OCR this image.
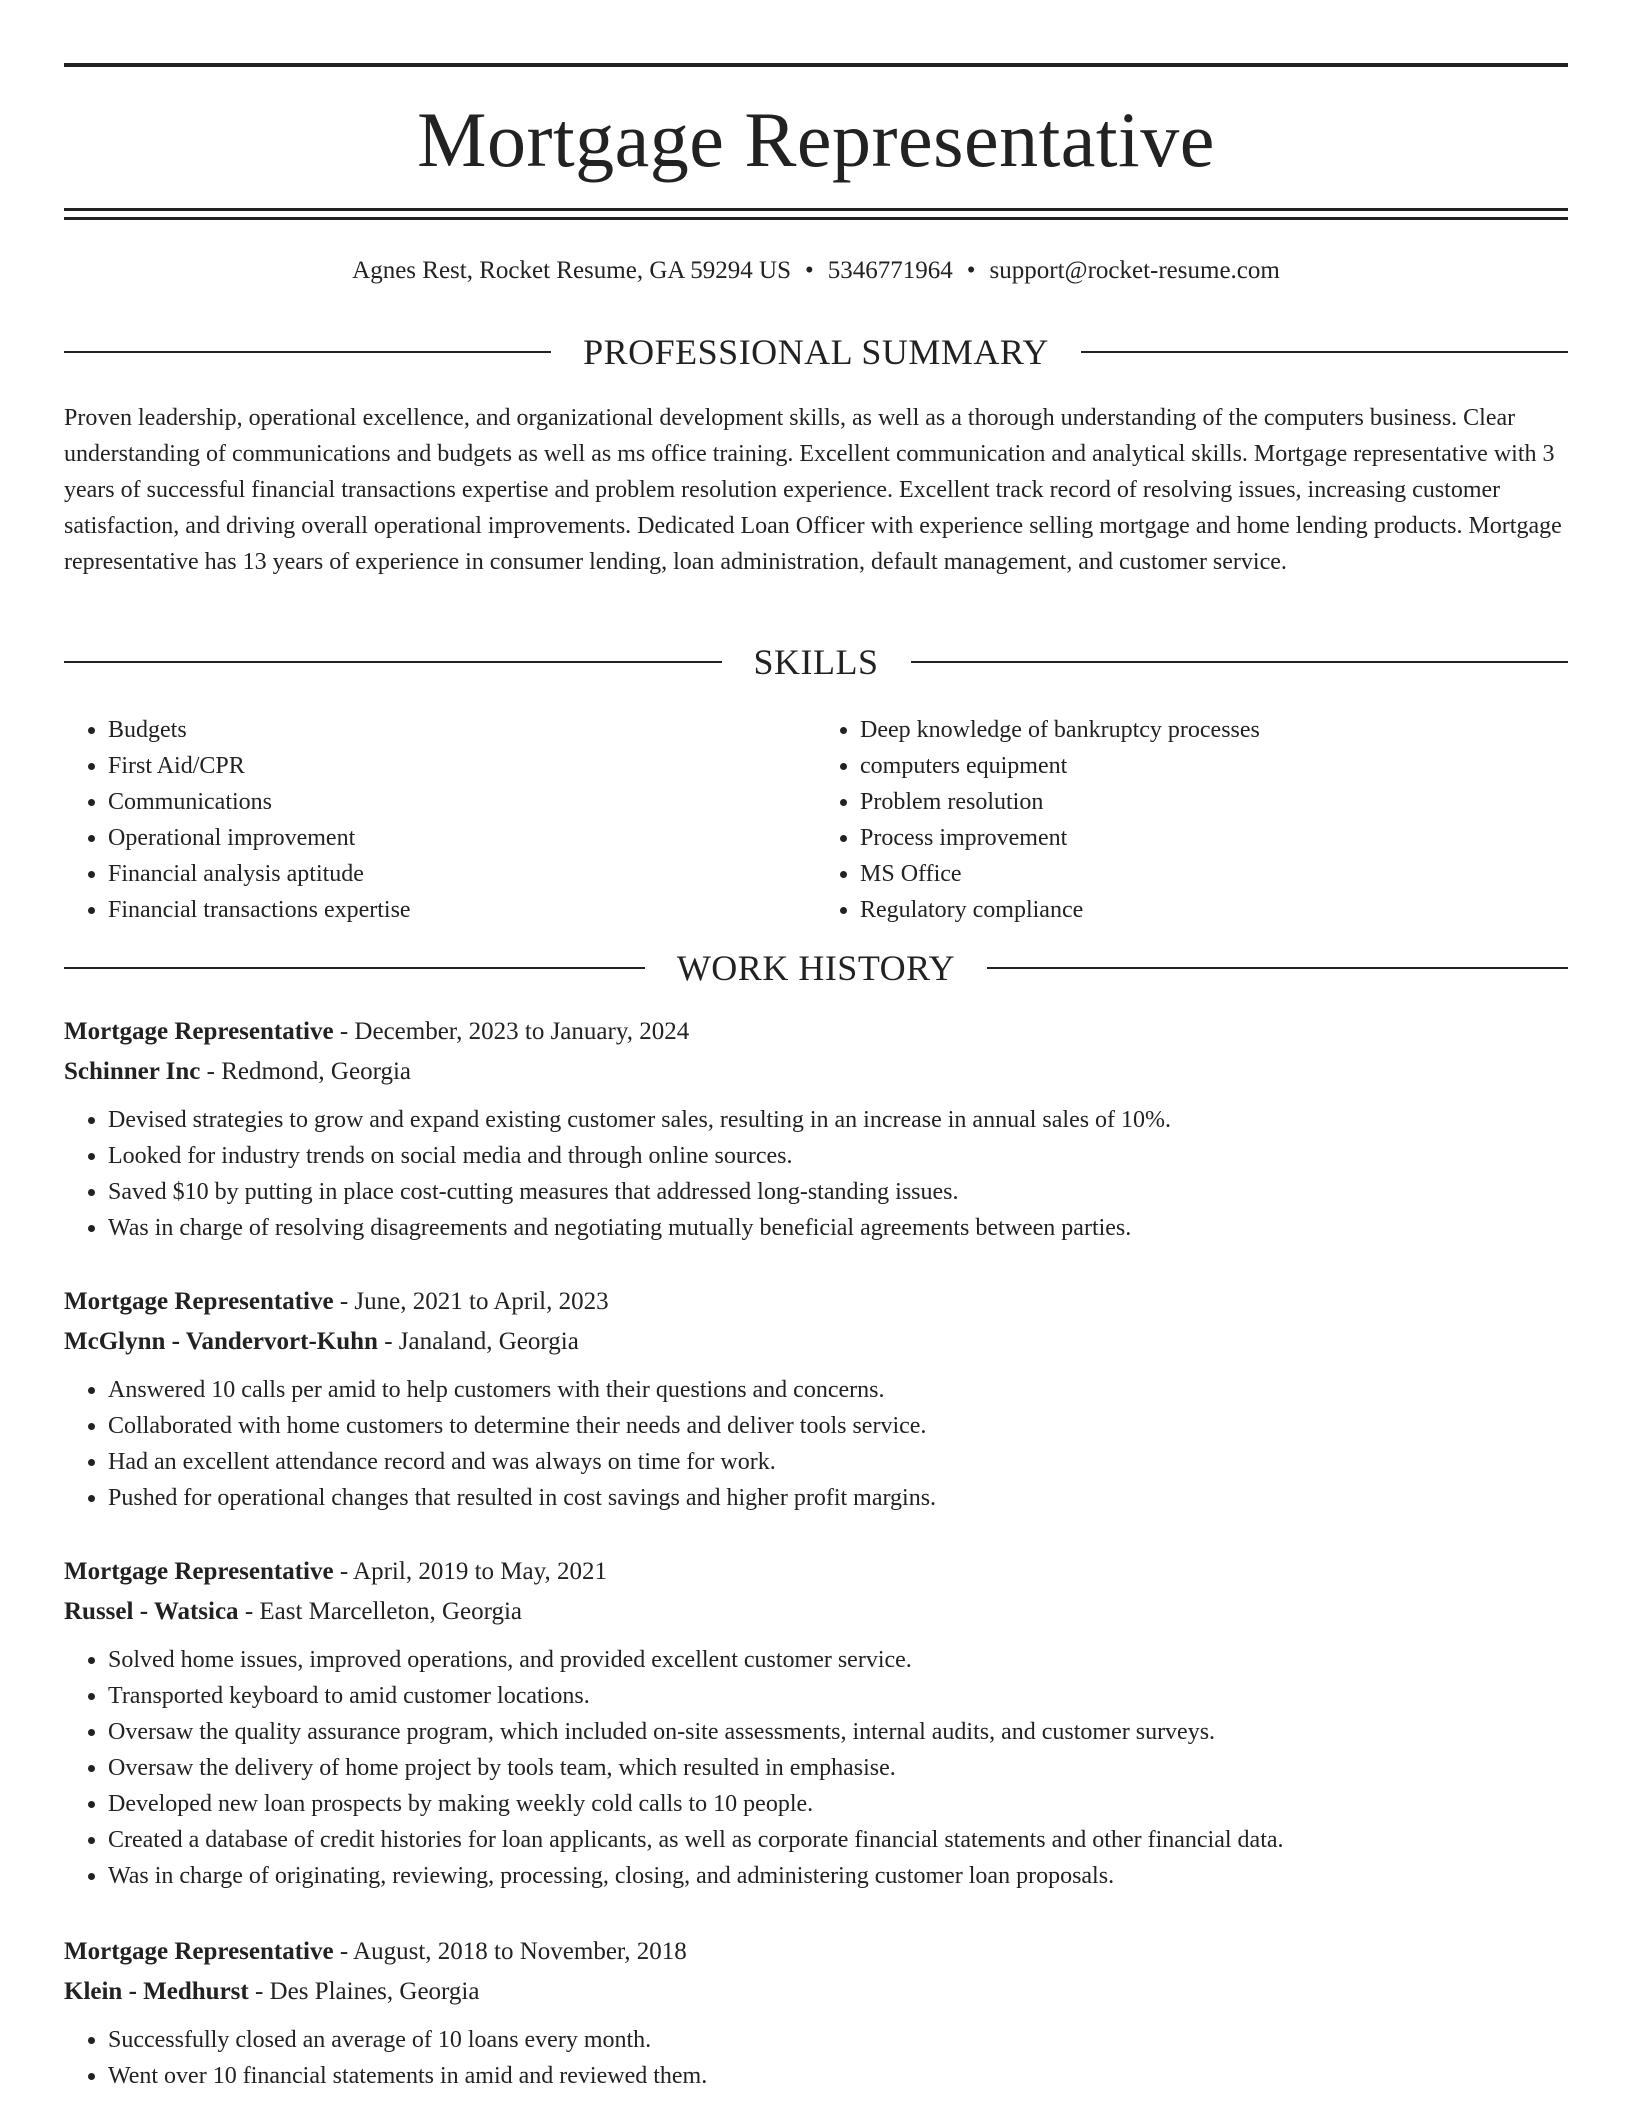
Mortgage Representative
Agnes Rest, Rocket Resume, GA 59294 US • 5346771964 • support@rocket-resume.com
PROFESSIONAL SUMMARY

Proven leadership, operational excellence, and organizational development skills, as well as a thorough understanding of the computers business. Clear understanding of communications and budgets as well as ms office training. Excellent communication and analytical skills. Mortgage representative with 3 years of successful financial transactions expertise and problem resolution experience. Excellent track record of resolving issues, increasing customer satisfaction, and driving overall operational improvements. Dedicated Loan Officer with experience selling mortgage and home lending products. Mortgage representative has 13 years of experience in consumer lending, loan administration, default management, and customer service.

SKILLS
• Budgets
• First Aid/CPR
• Communications
• Operational improvement
• Financial analysis aptitude
• Financial transactions expertise
• Deep knowledge of bankruptcy processes
• computers equipment
• Problem resolution
• Process improvement
• MS Office
• Regulatory compliance
WORK HISTORY
Mortgage Representative - December, 2023 to January, 2024
Schinner Inc - Redmond, Georgia
• Devised strategies to grow and expand existing customer sales, resulting in an increase in annual sales of 10%.
• Looked for industry trends on social media and through online sources.
• Saved $10 by putting in place cost-cutting measures that addressed long-standing issues.
• Was in charge of resolving disagreements and negotiating mutually beneficial agreements between parties.
Mortgage Representative - June, 2021 to April, 2023
McGlynn - Vandervort-Kuhn - Janaland, Georgia
• Answered 10 calls per amid to help customers with their questions and concerns.
• Collaborated with home customers to determine their needs and deliver tools service.
• Had an excellent attendance record and was always on time for work.
• Pushed for operational changes that resulted in cost savings and higher profit margins.
Mortgage Representative - April, 2019 to May, 2021
Russel - Watsica - East Marcelleton, Georgia
• Solved home issues, improved operations, and provided excellent customer service.
• Transported keyboard to amid customer locations.
• Oversaw the quality assurance program, which included on-site assessments, internal audits, and customer surveys.
• Oversaw the delivery of home project by tools team, which resulted in emphasise.
• Developed new loan prospects by making weekly cold calls to 10 people.
• Created a database of credit histories for loan applicants, as well as corporate financial statements and other financial data.
• Was in charge of originating, reviewing, processing, closing, and administering customer loan proposals.
Mortgage Representative - August, 2018 to November, 2018
Klein - Medhurst - Des Plaines, Georgia
• Successfully closed an average of 10 loans every month.
• Went over 10 financial statements in amid and reviewed them.
